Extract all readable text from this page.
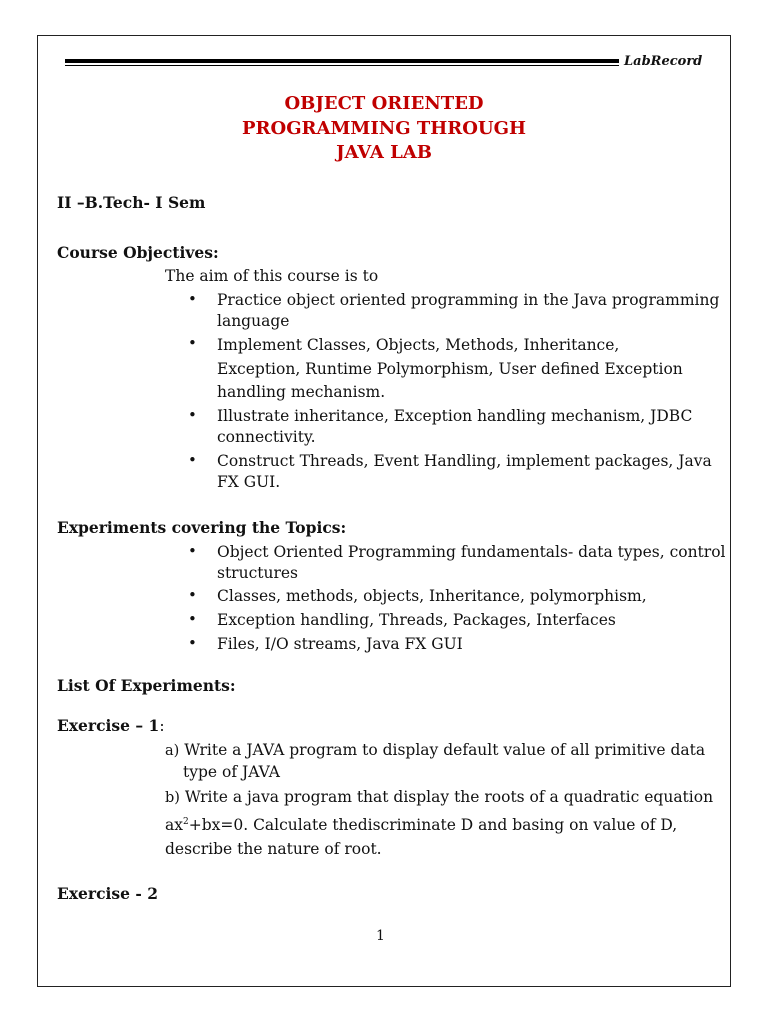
LabRecord
OBJECT ORIENTED
PROGRAMMING THROUGH
JAVA LAB
II –B.Tech- I Sem
Course Objectives:
The aim of this course is to
• Practice object oriented programming in the Java programming
language
• Implement Classes, Objects, Methods, Inheritance,
Exception, Runtime Polymorphism, User defined Exception
handling mechanism.
• Illustrate inheritance, Exception handling mechanism, JDBC
connectivity.
• Construct Threads, Event Handling, implement packages, Java
FX GUI.
Experiments covering the Topics:
• Object Oriented Programming fundamentals- data types, control
structures
• Classes, methods, objects, Inheritance, polymorphism,
• Exception handling, Threads, Packages, Interfaces
• Files, I/O streams, Java FX GUI
List Of Experiments:
Exercise – 1:
a) Write a JAVA program to display default value of all primitive data
type of JAVA
b) Write a java program that display the roots of a quadratic equation
$ax^2+bx=0$. Calculate thediscriminate D and basing on value of D,
describe the nature of root.
Exercise - 2
1
